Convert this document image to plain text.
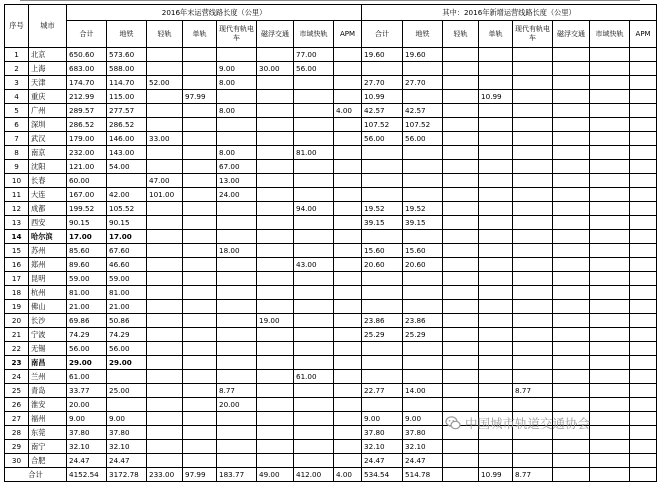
序号	城市	2016年末运营线路长度（公里）								其中：2016年新增运营线路长度（公里）							
		合计	地铁	轻轨	单轨	现代有轨电车	磁浮交通	市域快轨	APM	合计	地铁	轻轨	单轨	现代有轨电车	磁浮交通	市域快轨	APM
1	北京	650.60	573.60					77.00		19.60	19.60						
2	上海	683.00	588.00			9.00	30.00	56.00									
3	天津	174.70	114.70	52.00		8.00				27.70	27.70						
4	重庆	212.99	115.00		97.99					10.99			10.99				
5	广州	289.57	277.57			8.00			4.00	42.57	42.57						
6	深圳	286.52	286.52							107.52	107.52						
7	武汉	179.00	146.00	33.00						56.00	56.00						
8	南京	232.00	143.00			8.00		81.00									
9	沈阳	121.00	54.00			67.00											
10	长春	60.00		47.00		13.00											
11	大连	167.00	42.00	101.00		24.00											
12	成都	199.52	105.52					94.00		19.52	19.52						
13	西安	90.15	90.15							39.15	39.15						
14	哈尔滨	17.00	17.00														
15	苏州	85.60	67.60			18.00				15.60	15.60						
16	郑州	89.60	46.60					43.00		20.60	20.60						
17	昆明	59.00	59.00														
18	杭州	81.00	81.00														
19	佛山	21.00	21.00														
20	长沙	69.86	50.86				19.00			23.86	23.86						
21	宁波	74.29	74.29							25.29	25.29						
22	无锡	56.00	56.00														
23	南昌	29.00	29.00														
24	兰州	61.00						61.00									
25	青岛	33.77	25.00			8.77				22.77	14.00			8.77			
26	淮安	20.00				20.00											
27	福州	9.00	9.00							9.00	9.00						
28	东莞	37.80	37.80							37.80	37.80						
29	南宁	32.10	32.10							32.10	32.10						
30	合肥	24.47	24.47							24.47	24.47						
合计		4152.54	3172.78	233.00	97.99	183.77	49.00	412.00	4.00	534.54	514.78		10.99	8.77			
中国城市轨道交通协会
